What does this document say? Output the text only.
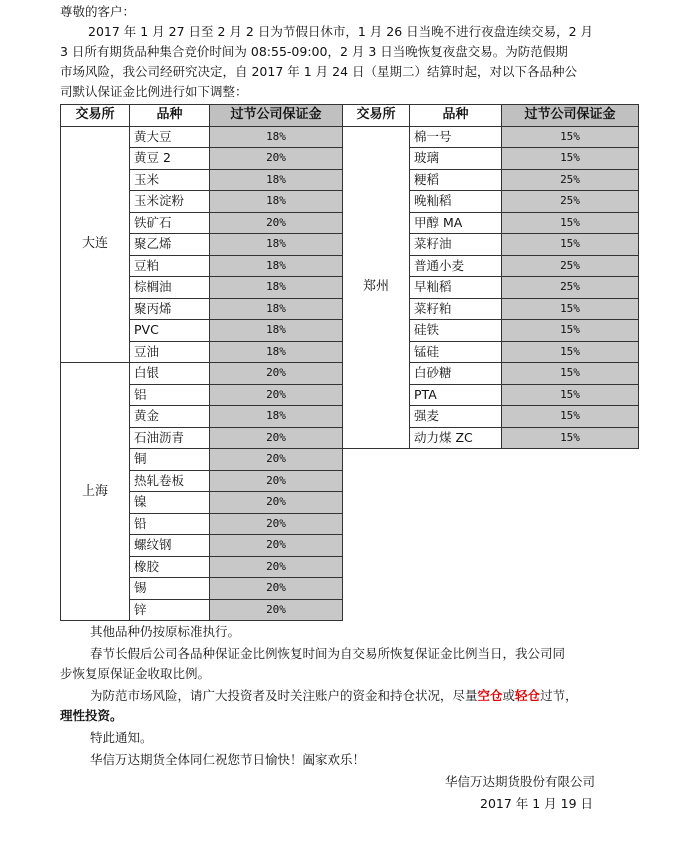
尊敬的客户：
2017 年 1 月 27 日至 2 月 2 日为节假日休市，1 月 26 日当晚不进行夜盘连续交易，2 月
3 日所有期货品种集合竞价时间为 08:55-09:00，2 月 3 日当晚恢复夜盘交易。为防范假期
市场风险，我公司经研究决定，自 2017 年 1 月 24 日（星期二）结算时起，对以下各品种公
司默认保证金比例进行如下调整：
交易所	品种	过节公司保证金
大连	黄大豆	18%
	黄豆 2	20%
	玉米	18%
	玉米淀粉	18%
	铁矿石	20%
	聚乙烯	18%
	豆粕	18%
	棕榈油	18%
	聚丙烯	18%
	PVC	18%
	豆油	18%
上海	白银	20%
	铝	20%
	黄金	18%
	石油沥青	20%
	铜	20%
	热轧卷板	20%
	镍	20%
	铅	20%
	螺纹钢	20%
	橡胶	20%
	锡	20%
	锌	20%
交易所	品种	过节公司保证金
郑州	棉一号	15%
	玻璃	15%
	粳稻	25%
	晚籼稻	25%
	甲醇 MA	15%
	菜籽油	15%
	普通小麦	25%
	早籼稻	25%
	菜籽粕	15%
	硅铁	15%
	锰硅	15%
	白砂糖	15%
	PTA	15%
	强麦	15%
	动力煤 ZC	15%
其他品种仍按原标准执行。
春节长假后公司各品种保证金比例恢复时间为自交易所恢复保证金比例当日，我公司同
步恢复原保证金收取比例。
为防范市场风险，请广大投资者及时关注账户的资金和持仓状况，尽量空仓或轻仓过节，
理性投资。
特此通知。
华信万达期货全体同仁祝您节日愉快！阖家欢乐！
华信万达期货股份有限公司
2017 年 1 月 19 日
